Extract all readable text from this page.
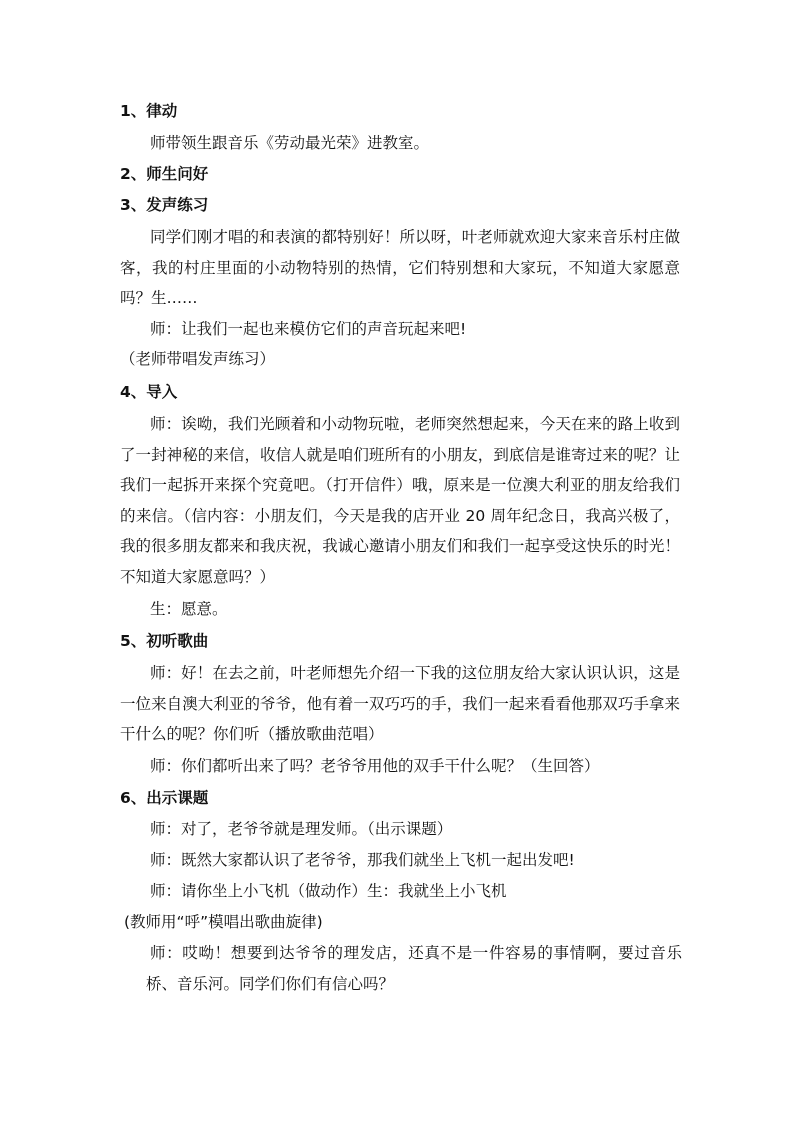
1、律动
师带领生跟音乐《劳动最光荣》进教室。
2、师生问好
3、发声练习
同学们刚才唱的和表演的都特别好！所以呀，叶老师就欢迎大家来音乐村庄做客，我的村庄里面的小动物特别的热情，它们特别想和大家玩，不知道大家愿意吗？生……
师：让我们一起也来模仿它们的声音玩起来吧!
（老师带唱发声练习）
4、导入
师：诶呦，我们光顾着和小动物玩啦，老师突然想起来，今天在来的路上收到了一封神秘的来信，收信人就是咱们班所有的小朋友，到底信是谁寄过来的呢？让我们一起拆开来探个究竟吧。（打开信件）哦，原来是一位澳大利亚的朋友给我们的来信。（信内容：小朋友们，今天是我的店开业 20 周年纪念日，我高兴极了，我的很多朋友都来和我庆祝，我诚心邀请小朋友们和我们一起享受这快乐的时光！不知道大家愿意吗？）
生：愿意。
5、初听歌曲
师：好！在去之前，叶老师想先介绍一下我的这位朋友给大家认识认识，这是一位来自澳大利亚的爷爷，他有着一双巧巧的手，我们一起来看看他那双巧手拿来干什么的呢？你们听（播放歌曲范唱）
师：你们都听出来了吗？老爷爷用他的双手干什么呢？（生回答）
6、出示课题
师：对了，老爷爷就是理发师。（出示课题）
师：既然大家都认识了老爷爷，那我们就坐上飞机一起出发吧!
师：请你坐上小飞机（做动作）生：我就坐上小飞机
(教师用“呼”模唱出歌曲旋律)
师：哎呦！想要到达爷爷的理发店，还真不是一件容易的事情啊，要过音乐桥、音乐河。同学们你们有信心吗？
